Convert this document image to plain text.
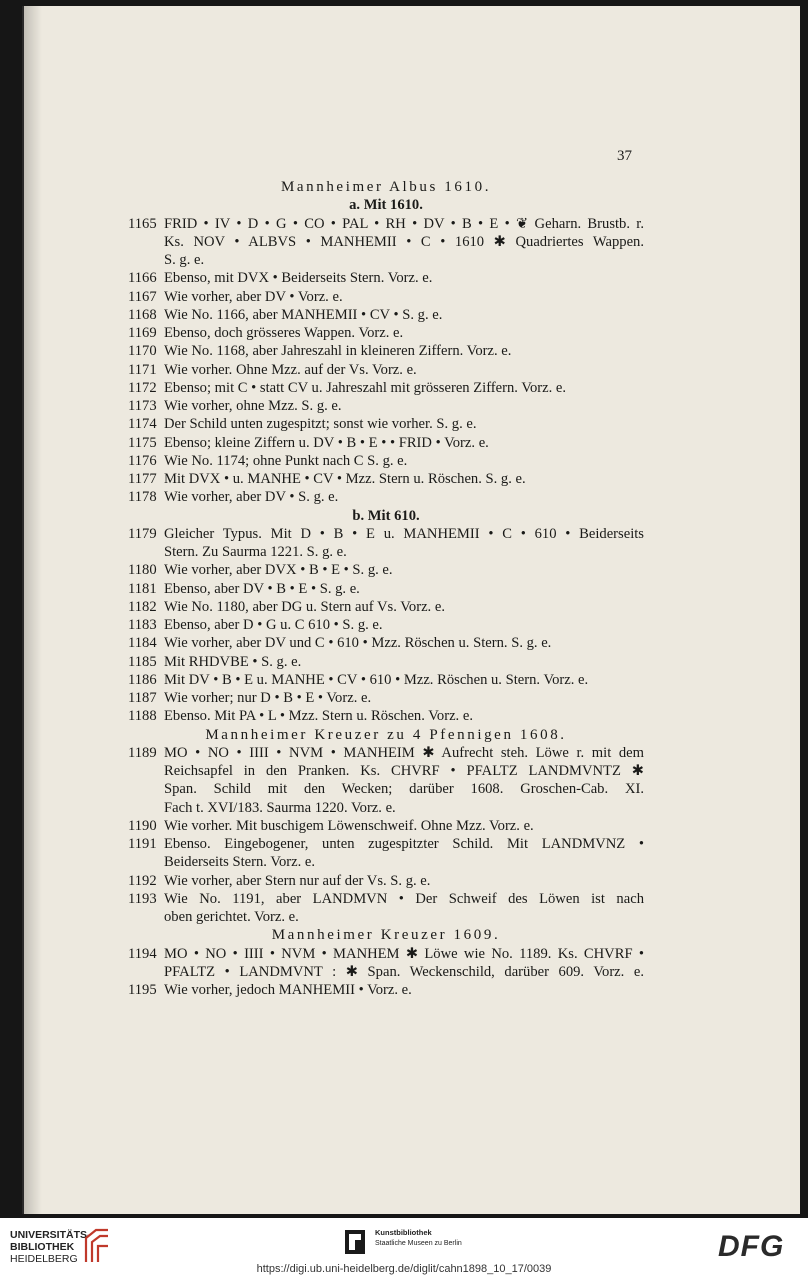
37
Mannheimer Albus 1610.
a. Mit 1610.
1165 FRID • IV • D • G • CO • PAL • RH • DV • B • E • ❦ Geharn. Brustb. r.
Ks. NOV • ALBVS • MANHEMII • C • 1610 ✱ Quadriertes Wappen.
S. g. e.
1166 Ebenso, mit DVX • Beiderseits Stern. Vorz. e.
1167 Wie vorher, aber DV • Vorz. e.
1168 Wie No. 1166, aber MANHEMII • CV • S. g. e.
1169 Ebenso, doch grösseres Wappen. Vorz. e.
1170 Wie No. 1168, aber Jahreszahl in kleineren Ziffern. Vorz. e.
1171 Wie vorher. Ohne Mzz. auf der Vs. Vorz. e.
1172 Ebenso; mit C • statt CV u. Jahreszahl mit grösseren Ziffern. Vorz. e.
1173 Wie vorher, ohne Mzz. S. g. e.
1174 Der Schild unten zugespitzt; sonst wie vorher. S. g. e.
1175 Ebenso; kleine Ziffern u. DV • B • E • • FRID • Vorz. e.
1176 Wie No. 1174; ohne Punkt nach C S. g. e.
1177 Mit DVX • u. MANHE • CV • Mzz. Stern u. Röschen. S. g. e.
1178 Wie vorher, aber DV • S. g. e.
b. Mit 610.
1179 Gleicher Typus. Mit D • B • E u. MANHEMII • C • 610 • Beiderseits
Stern. Zu Saurma 1221. S. g. e.
1180 Wie vorher, aber DVX • B • E • S. g. e.
1181 Ebenso, aber DV • B • E • S. g. e.
1182 Wie No. 1180, aber DG u. Stern auf Vs. Vorz. e.
1183 Ebenso, aber D • G u. C 610 • S. g. e.
1184 Wie vorher, aber DV und C • 610 • Mzz. Röschen u. Stern. S. g. e.
1185 Mit RHDVBE • S. g. e.
1186 Mit DV • B • E u. MANHE • CV • 610 • Mzz. Röschen u. Stern. Vorz. e.
1187 Wie vorher; nur D • B • E • Vorz. e.
1188 Ebenso. Mit PA • L • Mzz. Stern u. Röschen. Vorz. e.
Mannheimer Kreuzer zu 4 Pfennigen 1608.
1189 MO • NO • IIII • NVM • MANHEIM ✱ Aufrecht steh. Löwe r. mit dem
Reichsapfel in den Pranken. Ks. CHVRF • PFALTZ LANDMVNTZ ✱
Span. Schild mit den Wecken; darüber 1608. Groschen-Cab. XI.
Fach t. XVI/183. Saurma 1220. Vorz. e.
1190 Wie vorher. Mit buschigem Löwenschweif. Ohne Mzz. Vorz. e.
1191 Ebenso. Eingebogener, unten zugespitzter Schild. Mit LANDMVNZ •
Beiderseits Stern. Vorz. e.
1192 Wie vorher, aber Stern nur auf der Vs. S. g. e.
1193 Wie No. 1191, aber LANDMVN • Der Schweif des Löwen ist nach
oben gerichtet. Vorz. e.
Mannheimer Kreuzer 1609.
1194 MO • NO • IIII • NVM • MANHEM ✱ Löwe wie No. 1189. Ks. CHVRF •
PFALTZ • LANDMVNT : ✱ Span. Weckenschild, darüber 609. Vorz. e.
1195 Wie vorher, jedoch MANHEMII • Vorz. e.
UNIVERSITÄTS-
BIBLIOTHEK
HEIDELBERG
Kunstbibliothek
Staatliche Museen zu Berlin	DFG
https://digi.ub.uni-heidelberg.de/diglit/cahn1898_10_17/0039
